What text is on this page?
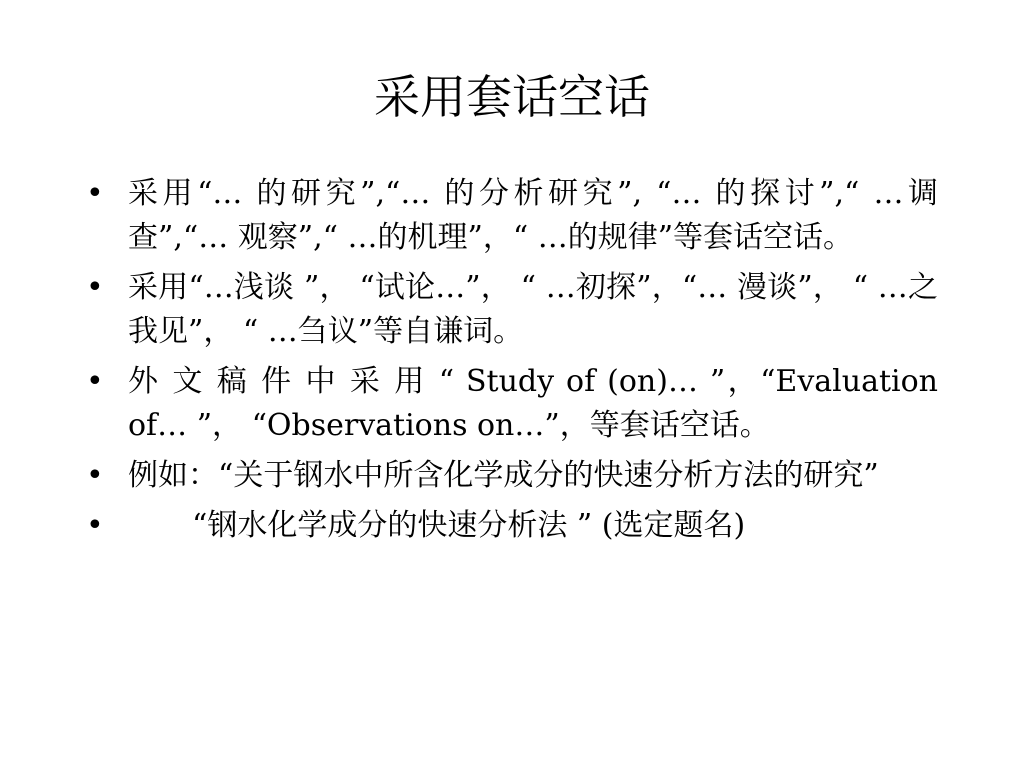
采用套话空话
• 采用“… 的研究”,“… 的分析研究”, “… 的探讨”,“ …调查”,“… 观察”,“ …的机理”，“ …的规律”等套话空话。
• 采用“…浅谈 ”， “试论…”， “ …初探”，“… 漫谈”， “ …之我见”， “ …刍议”等自谦词。
• 外 文 稿 件 中 采 用 “ Study of (on)… ”，“Evaluation of… ”， “Observations on…”，等套话空话。
• 例如：“关于钢水中所含化学成分的快速分析方法的研究”
•	“钢水化学成分的快速分析法 ” (选定题名)
